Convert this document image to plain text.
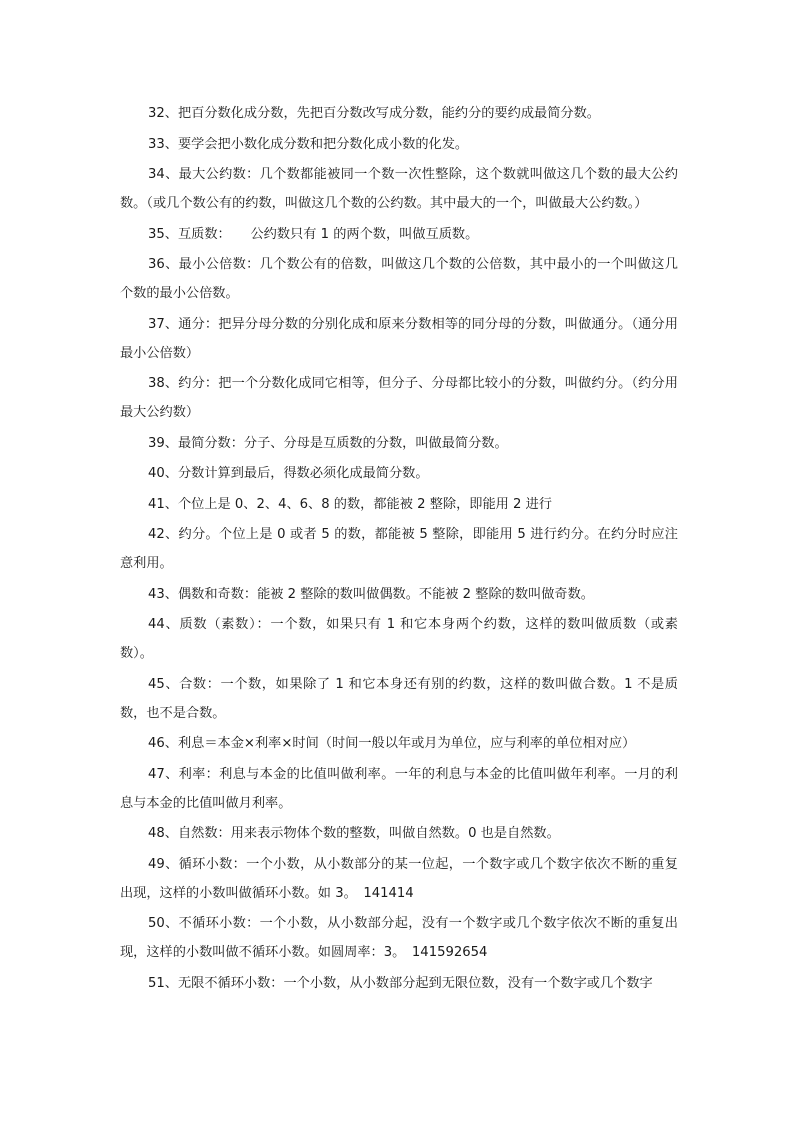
32、把百分数化成分数，先把百分数改写成分数，能约分的要约成最简分数。

33、要学会把小数化成分数和把分数化成小数的化发。

34、最大公约数：几个数都能被同一个数一次性整除，这个数就叫做这几个数的最大公约数。（或几个数公有的约数，叫做这几个数的公约数。其中最大的一个，叫做最大公约数。）

35、互质数：　　公约数只有 1 的两个数，叫做互质数。

36、最小公倍数：几个数公有的倍数，叫做这几个数的公倍数，其中最小的一个叫做这几个数的最小公倍数。

37、通分：把异分母分数的分别化成和原来分数相等的同分母的分数，叫做通分。（通分用最小公倍数）

38、约分：把一个分数化成同它相等，但分子、分母都比较小的分数，叫做约分。（约分用最大公约数）

39、最简分数：分子、分母是互质数的分数，叫做最简分数。

40、分数计算到最后，得数必须化成最简分数。

41、个位上是 0、2、4、6、8 的数，都能被 2 整除，即能用 2 进行

42、约分。个位上是 0 或者 5 的数，都能被 5 整除，即能用 5 进行约分。在约分时应注意利用。

43、偶数和奇数：能被 2 整除的数叫做偶数。不能被 2 整除的数叫做奇数。

44、质数（素数）：一个数，如果只有 1 和它本身两个约数，这样的数叫做质数（或素数）。

45、合数：一个数，如果除了 1 和它本身还有别的约数，这样的数叫做合数。1 不是质数，也不是合数。

46、利息＝本金×利率×时间（时间一般以年或月为单位，应与利率的单位相对应）

47、利率：利息与本金的比值叫做利率。一年的利息与本金的比值叫做年利率。一月的利息与本金的比值叫做月利率。

48、自然数：用来表示物体个数的整数，叫做自然数。0 也是自然数。

49、循环小数：一个小数，从小数部分的某一位起，一个数字或几个数字依次不断的重复出现，这样的小数叫做循环小数。如 3。　141414

50、不循环小数：一个小数，从小数部分起，没有一个数字或几个数字依次不断的重复出现，这样的小数叫做不循环小数。如圆周率：3。　141592654

51、无限不循环小数：一个小数，从小数部分起到无限位数，没有一个数字或几个数字
